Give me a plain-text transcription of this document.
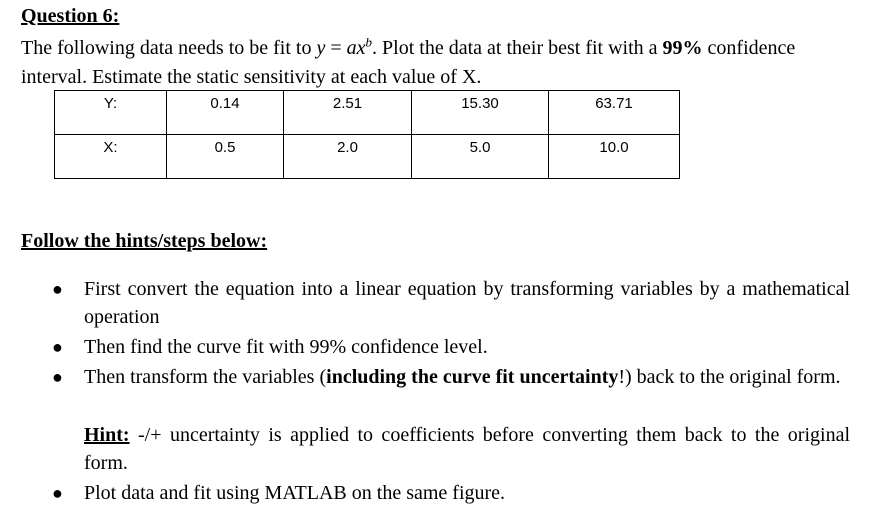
Question 6:
The following data needs to be fit to $y = ax^b$. Plot the data at their best fit with a 99% confidence interval. Estimate the static sensitivity at each value of X.
Y:	0.14	2.51	15.30	63.71
X:	0.5	2.0	5.0	10.0
Follow the hints/steps below:
● First convert the equation into a linear equation by transforming variables by a mathematical operation
● Then find the curve fit with 99% confidence level.
● Then transform the variables (including the curve fit uncertainty!) back to the original form.
Hint: -/+ uncertainty is applied to coefficients before converting them back to the original form.
● Plot data and fit using MATLAB on the same figure.
